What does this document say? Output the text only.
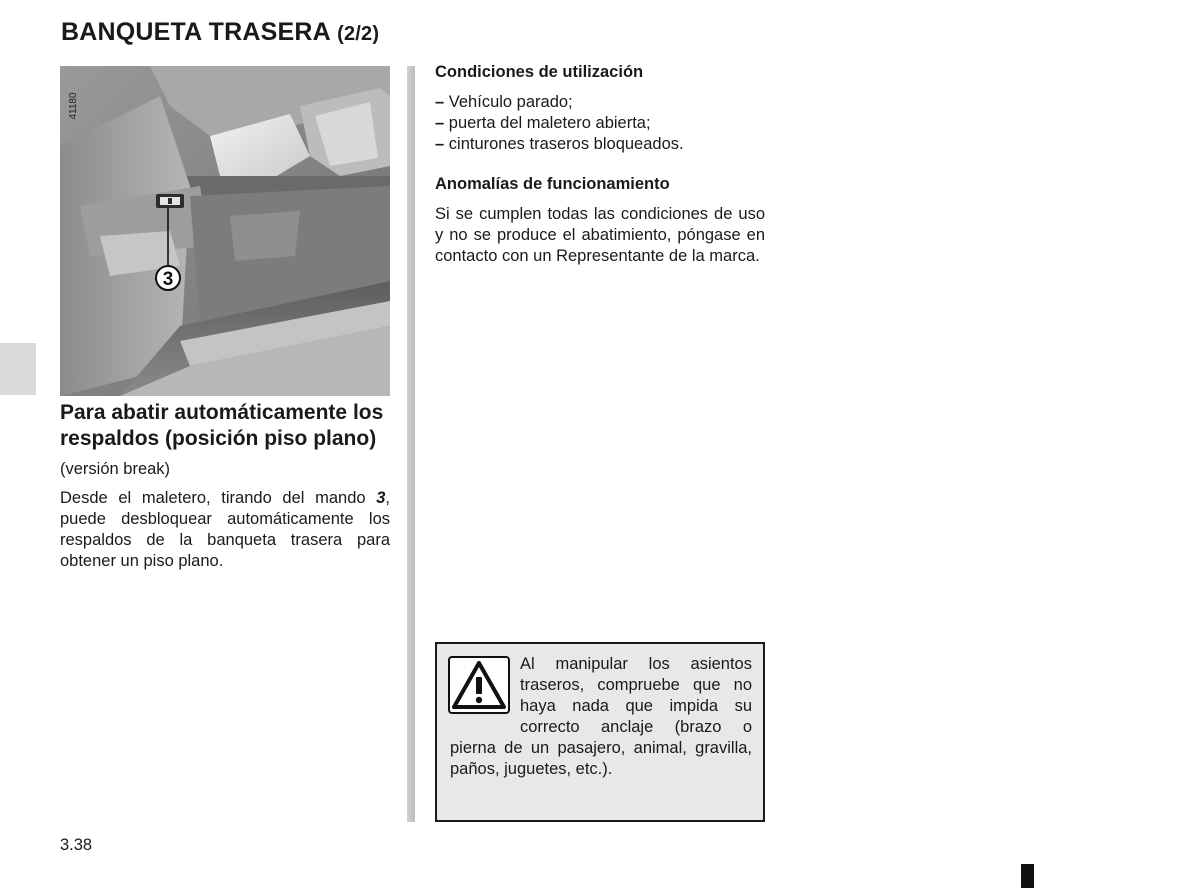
BANQUETA TRASERA (2/2)
3
41180
Para abatir automáticamente los respaldos (posición piso plano)

(versión break)

Desde el maletero, tirando del mando 3, puede desbloquear automáticamente los respaldos de la banqueta trasera para obtener un piso plano.

Condiciones de utilización
– Vehículo parado;
– puerta del maletero abierta;
– cinturones traseros bloqueados.
Anomalías de funcionamiento

Si se cumplen todas las condiciones de uso y no se produce el abatimiento, póngase en contacto con un Representante de la marca.

Al manipular los asientos traseros, compruebe que no haya nada que impida su correcto anclaje (brazo o pierna de un pasajero, animal, gravilla, paños, juguetes, etc.).
3.38
